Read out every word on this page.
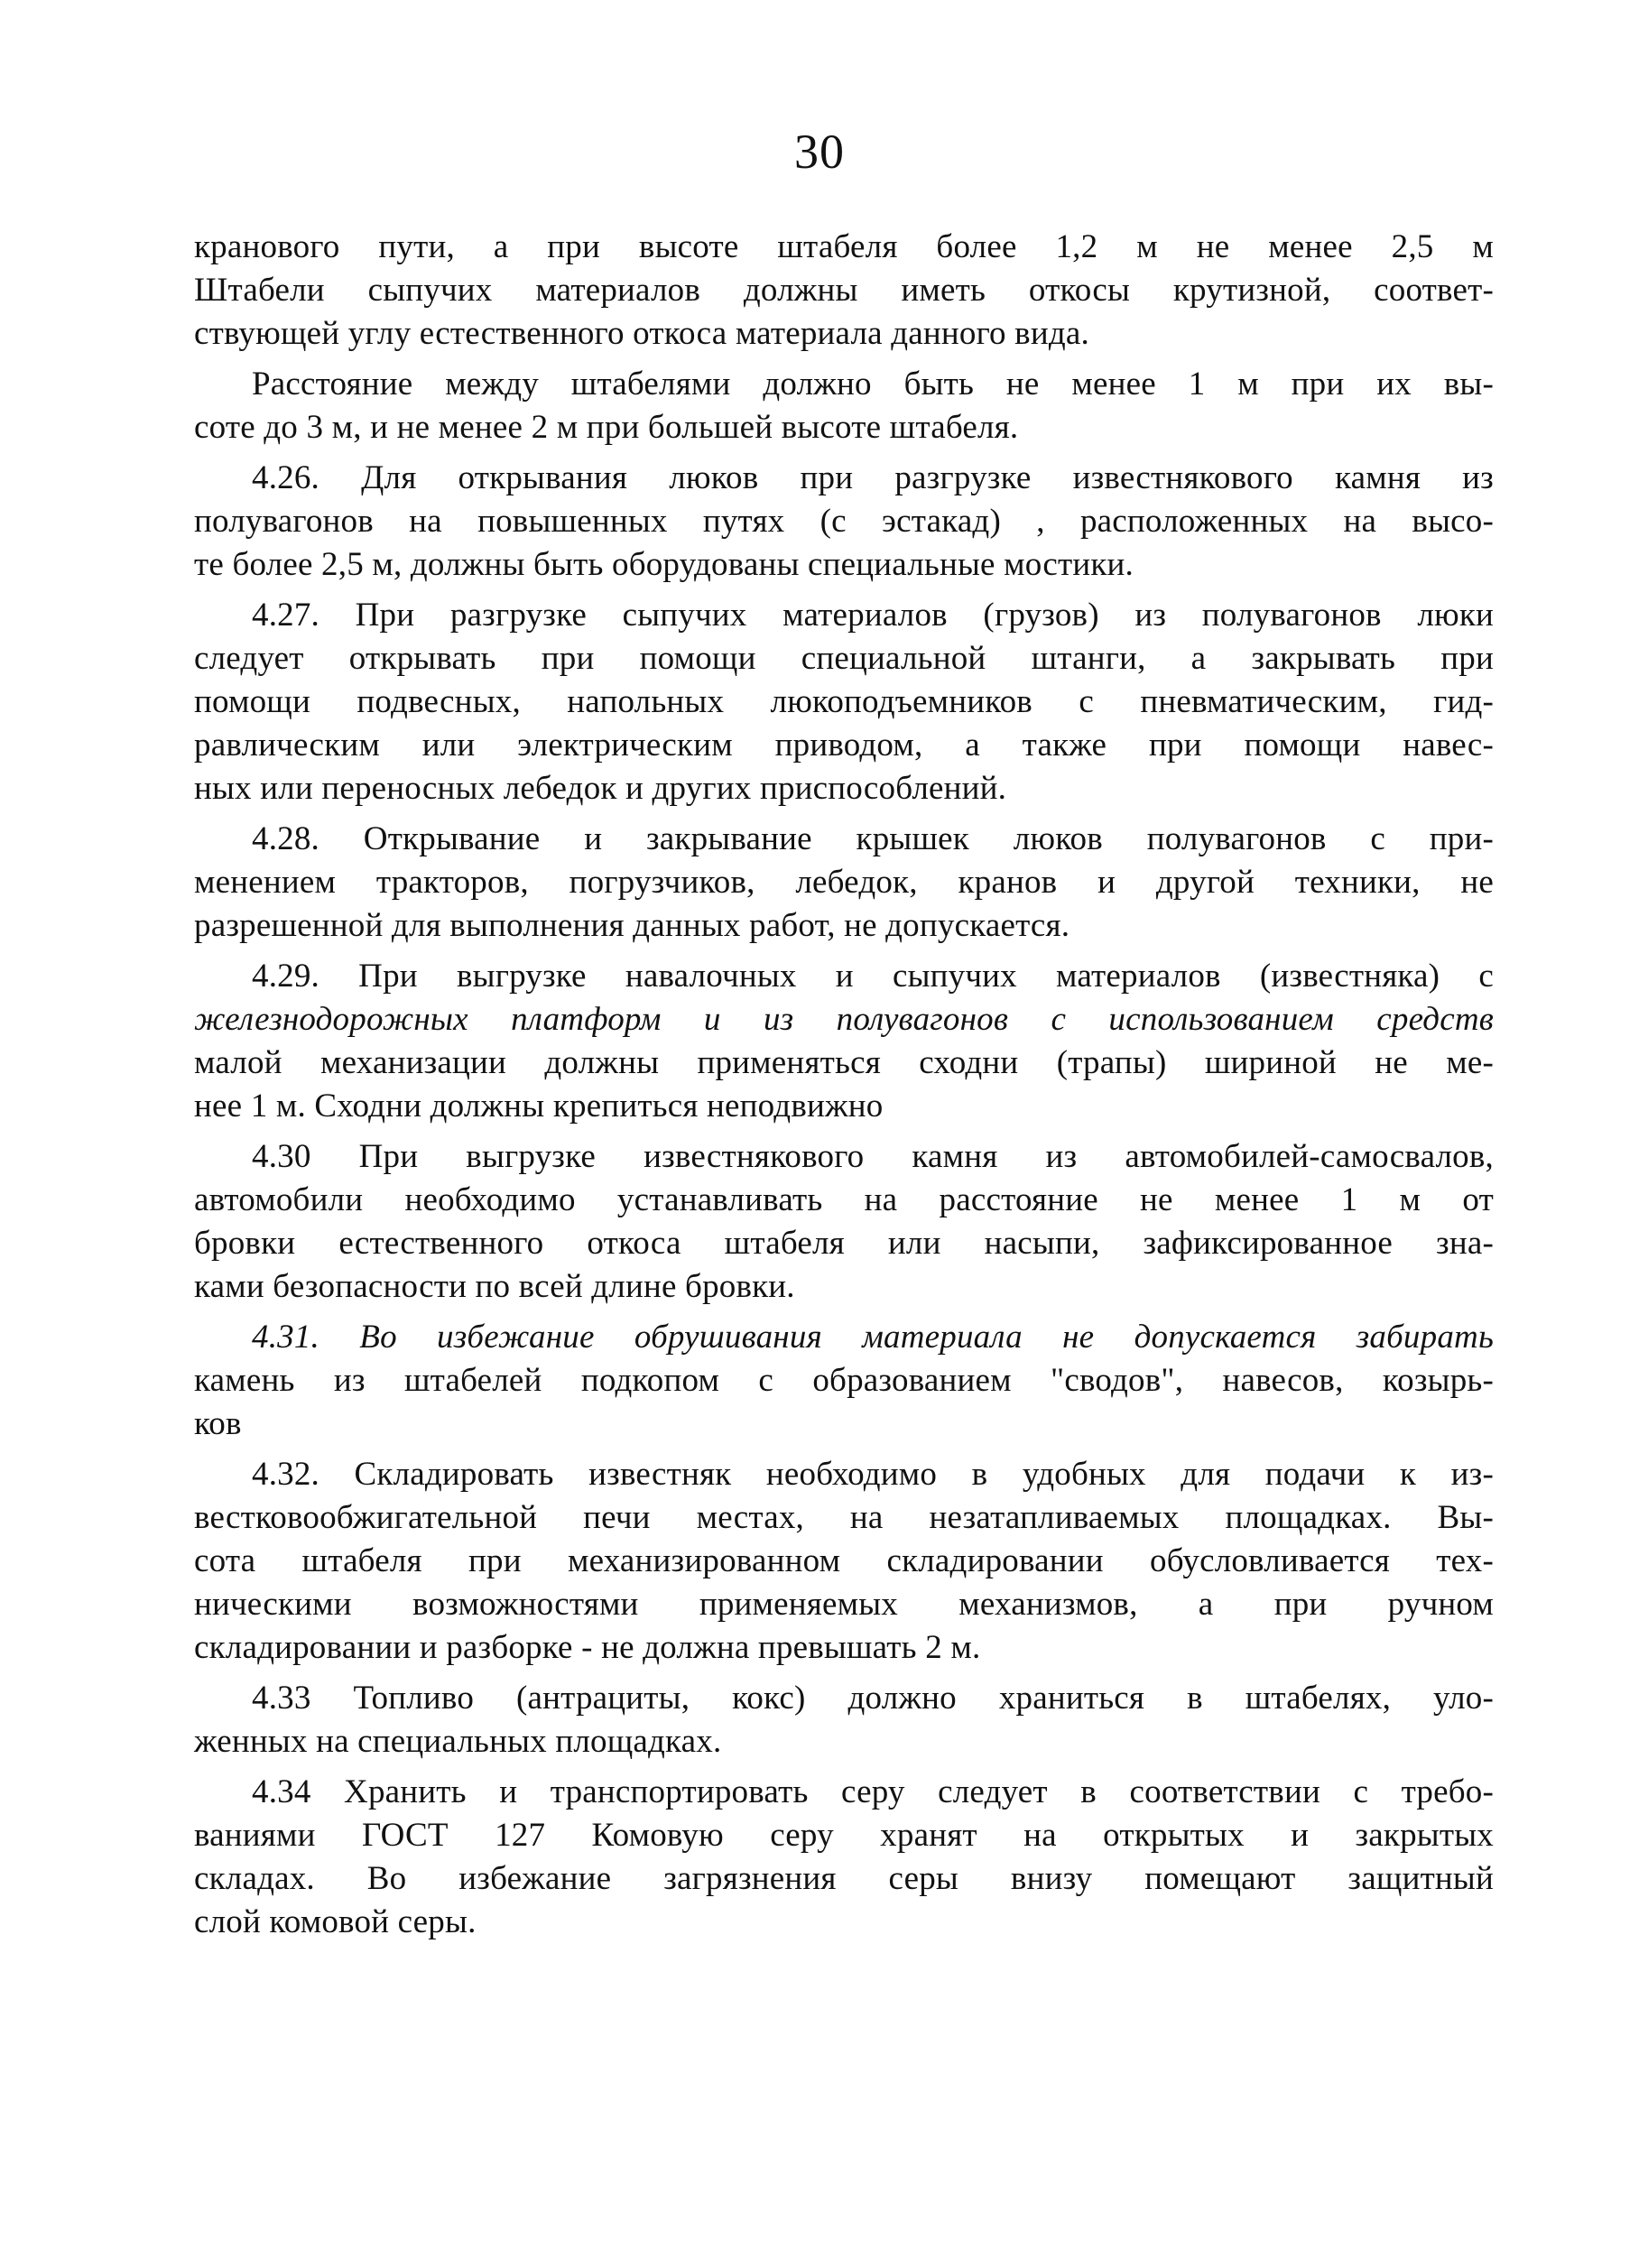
30
кранового пути, а при высоте штабеля более 1,2 м не менее 2,5 м
Штабели сыпучих материалов должны иметь откосы крутизной, соответ-
ствующей углу естественного откоса материала данного вида.
Расстояние между штабелями должно быть не менее 1 м при их вы-
соте до 3 м, и не менее 2 м при большей высоте штабеля.
4.26. Для открывания люков при разгрузке известнякового камня из
полувагонов на повышенных путях (с эстакад) , расположенных на высо-
те более 2,5 м, должны быть оборудованы специальные мостики.
4.27. При разгрузке сыпучих материалов (грузов) из полувагонов люки
следует открывать при помощи специальной штанги, а закрывать при
помощи подвесных, напольных люкоподъемников с пневматическим, гид-
равлическим или электрическим приводом, а также при помощи навес-
ных или переносных лебедок и других приспособлений.
4.28. Открывание и закрывание крышек люков полувагонов с при-
менением тракторов, погрузчиков, лебедок, кранов и другой техники, не
разрешенной для выполнения данных работ, не допускается.
4.29. При выгрузке навалочных и сыпучих материалов (известняка) с
железнодорожных платформ и из полувагонов с использованием средств
малой механизации должны применяться сходни (трапы) шириной не ме-
нее 1 м. Сходни должны крепиться неподвижно
4.30 При выгрузке известнякового камня из автомобилей-самосвалов,
автомобили необходимо устанавливать на расстояние не менее 1 м от
бровки естественного откоса штабеля или насыпи, зафиксированное зна-
ками безопасности по всей длине бровки.
4.31. Во избежание обрушивания материала не допускается забирать
камень из штабелей подкопом с образованием "сводов", навесов, козырь-
ков
4.32. Складировать известняк необходимо в удобных для подачи к из-
вестковообжигательной печи местах, на незатапливаемых площадках. Вы-
сота штабеля при механизированном складировании обусловливается тех-
ническими возможностями применяемых механизмов, а при ручном
складировании и разборке - не должна превышать 2 м.
4.33 Топливо (антрациты, кокс) должно храниться в штабелях, уло-
женных на специальных площадках.
4.34 Хранить и транспортировать серу следует в соответствии с требо-
ваниями ГОСТ 127 Комовую серу хранят на открытых и закрытых
складах. Во избежание загрязнения серы внизу помещают защитный
слой комовой серы.
